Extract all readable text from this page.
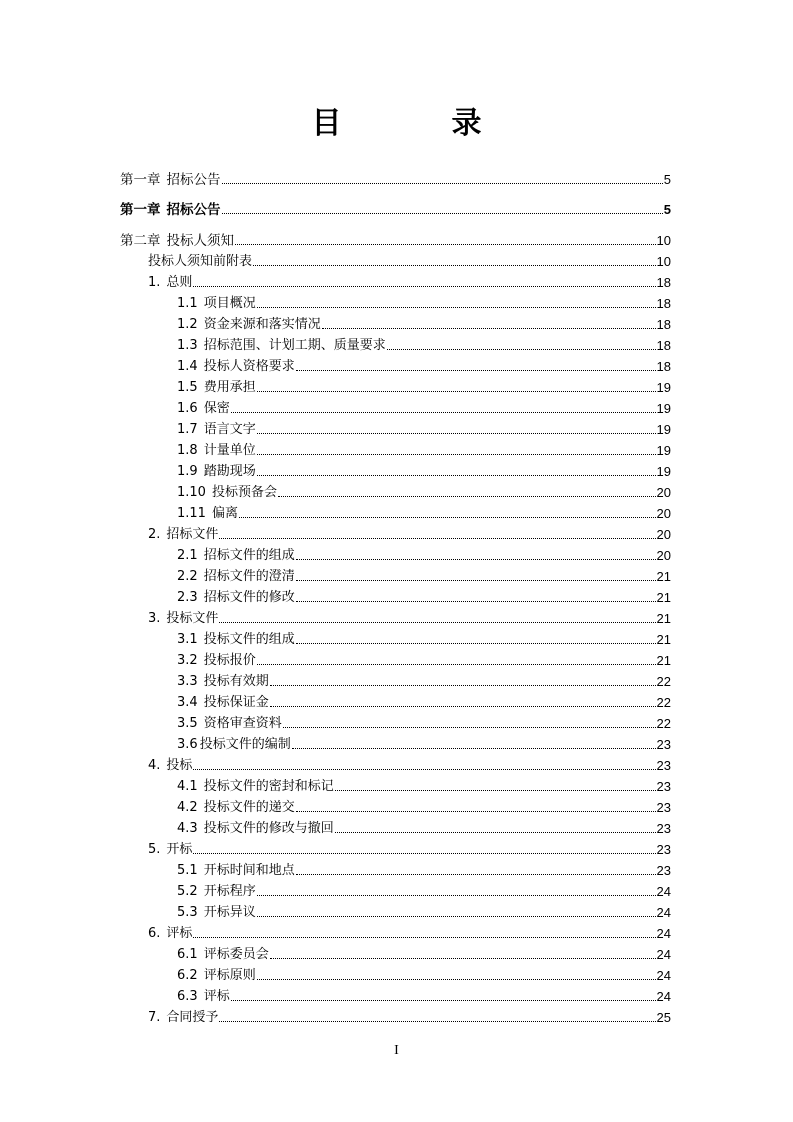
目　录
第一章 招标公告	5
第一章 招标公告	5
第二章 投标人须知	10
投标人须知前附表	10
1. 总则	18
1.1 项目概况	18
1.2 资金来源和落实情况	18
1.3 招标范围、计划工期、质量要求	18
1.4 投标人资格要求	18
1.5 费用承担	19
1.6 保密	19
1.7 语言文字	19
1.8 计量单位	19
1.9 踏勘现场	19
1.10 投标预备会	20
1.11 偏离	20
2. 招标文件	20
2.1 招标文件的组成	20
2.2 招标文件的澄清	21
2.3 招标文件的修改	21
3. 投标文件	21
3.1 投标文件的组成	21
3.2 投标报价	21
3.3 投标有效期	22
3.4 投标保证金	22
3.5 资格审查资料	22
3.6 投标文件的编制	23
4. 投标	23
4.1 投标文件的密封和标记	23
4.2 投标文件的递交	23
4.3 投标文件的修改与撤回	23
5. 开标	23
5.1 开标时间和地点	23
5.2 开标程序	24
5.3 开标异议	24
6. 评标	24
6.1 评标委员会	24
6.2 评标原则	24
6.3 评标	24
7. 合同授予	25
I
